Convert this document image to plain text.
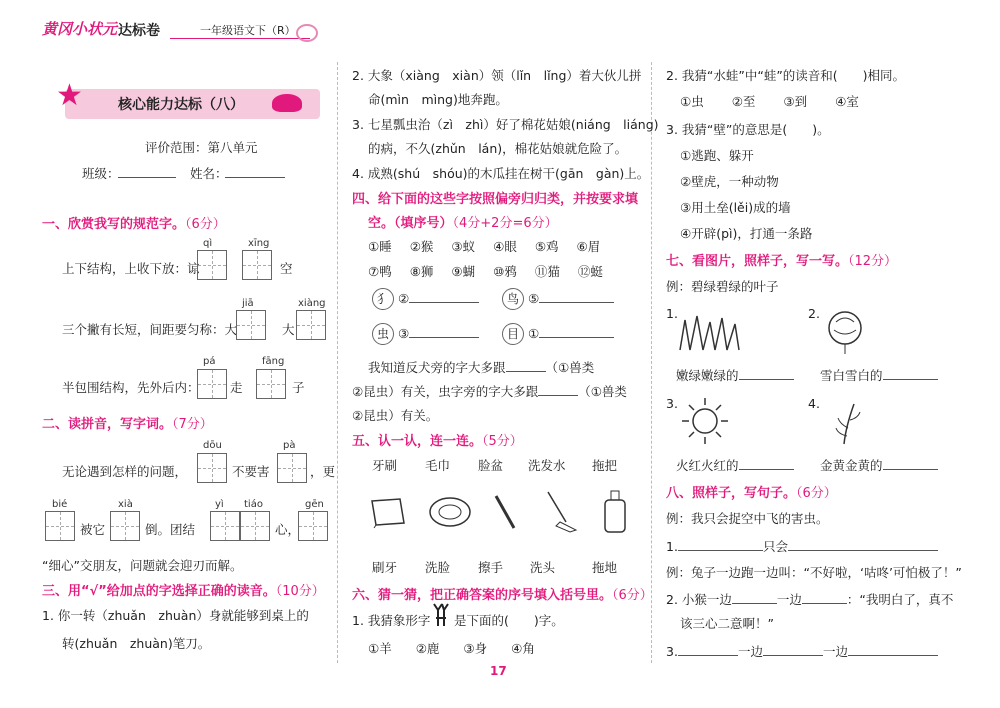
黄冈小状元 达标卷	一年级语文下（R）
★	核心能力达标（八）
评价范围：第八单元
班级：	姓名：
一、欣赏我写的规范字。（6分）
qì	xīng
上下结构，上收下放：谅	空
jiā	xiàng
三个撇有长短，间距要匀称：大	大
pá	fāng
半包围结构，先外后内： 走	子
二、读拼音，写字词。（7分）
dōu	pà
无论遇到怎样的问题，	不要害	，更
bié	xià	yì tiáo	gēn
被它	倒。团结	心，
“细心”交朋友，问题就会迎刃而解。
三、用“√”给加点的字选择正确的读音。（10分）
1. 你一转（zhuǎn　zhuàn）身就能够到桌上的
转(zhuǎn　zhuàn)笔刀。
2. 大象（xiàng　xiàn）领（lǐn　lǐng）着大伙儿拼
命(mìn　mìng)地奔跑。
3. 七星瓢虫治（zì　zhì）好了棉花姑娘(niáng　liáng)
的病，不久(zhǔn　lán)，棉花姑娘就危险了。
4. 成熟(shú　shóu)的木瓜挂在树干(gān　gàn)上。
四、给下面的这些字按照偏旁归归类，并按要求填
空。（填序号）（4分+2分=6分）
①睡 ②猴 ③蚁 ④眼 ⑤鸡 ⑥眉
⑦鸭 ⑧狮 ⑨蝴 ⑩鸦 ⑪猫 ⑫蜓
犭 ②	鸟 ⑤
虫 ③	目 ①
我知道反犬旁的字大多跟	（①兽类
②昆虫）有关，虫字旁的字大多跟	（①兽类
②昆虫）有关。
五、认一认，连一连。（5分）
牙刷 毛巾 脸盆 洗发水 拖把
刷牙 洗脸 擦手 洗头	拖地
六、猜一猜，把正确答案的序号填入括号里。（6分）
1. 我猜象形字 是下面的(　　)字。
①羊 ②鹿 ③身 ④角
2. 我猜“水蛙”中“蛙”的读音和(　　)相同。
①虫 ②至 ③到 ④室
3. 我猜“壁”的意思是(　　)。
①逃跑、躲开
②壁虎，一种动物
③用土垒(lěi)成的墙
④开辟(pì)，打通一条路
七、看图片，照样子，写一写。（12分）
例：碧绿碧绿的叶子
1.	2.
嫩绿嫩绿的	雪白雪白的
3.	4.
火红火红的	金黄金黄的
八、照样子，写句子。（6分）
例：我只会捉空中飞的害虫。
1.	只会
例：兔子一边跑一边叫：“不好啦，‘咕咚’可怕极了！”
2. 小猴一边	一边	：“我明白了，真不
该三心二意啊！”
3.	一边	一边
17
